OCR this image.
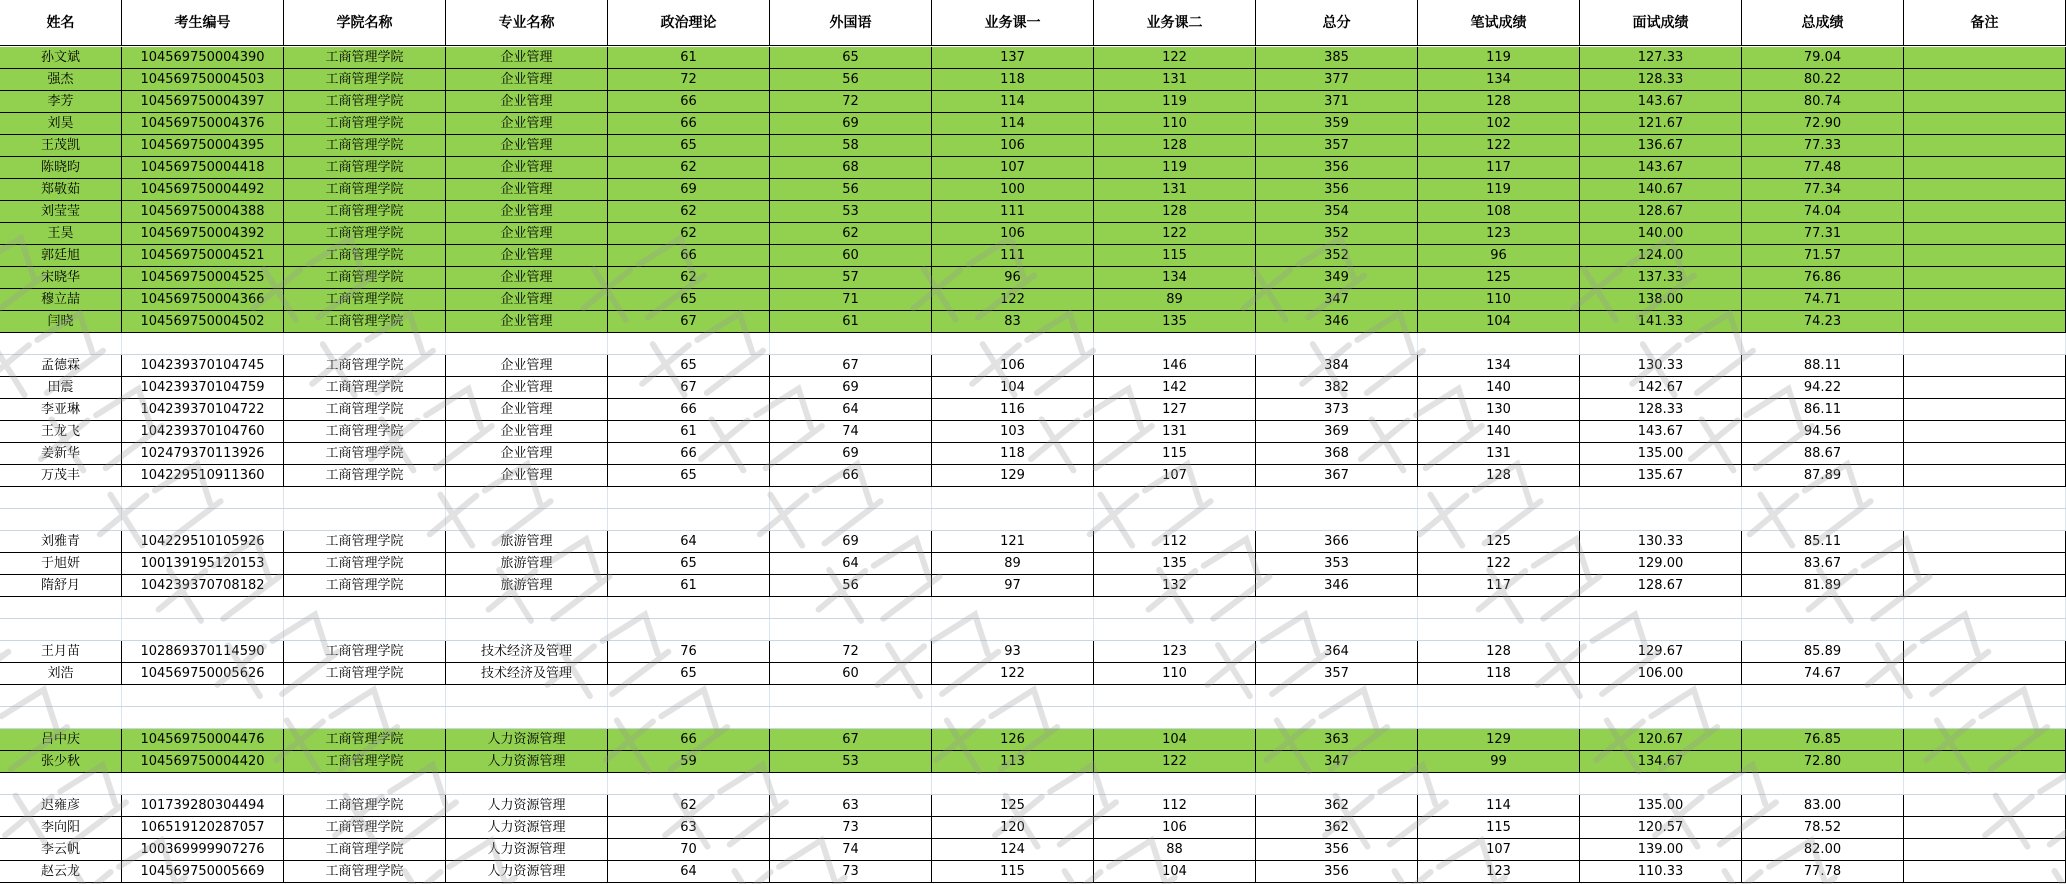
姓名	考生编号	学院名称	专业名称	政治理论	外国语	业务课一	业务课二	总分	笔试成绩	面试成绩	总成绩	备注
孙文斌	104569750004390	工商管理学院	企业管理	61	65	137	122	385	119	127.33	79.04
强杰	104569750004503	工商管理学院	企业管理	72	56	118	131	377	134	128.33	80.22
李芳	104569750004397	工商管理学院	企业管理	66	72	114	119	371	128	143.67	80.74
刘昊	104569750004376	工商管理学院	企业管理	66	69	114	110	359	102	121.67	72.90
王茂凯	104569750004395	工商管理学院	企业管理	65	58	106	128	357	122	136.67	77.33
陈晓昀	104569750004418	工商管理学院	企业管理	62	68	107	119	356	117	143.67	77.48
郑敬茹	104569750004492	工商管理学院	企业管理	69	56	100	131	356	119	140.67	77.34
刘莹莹	104569750004388	工商管理学院	企业管理	62	53	111	128	354	108	128.67	74.04
王昊	104569750004392	工商管理学院	企业管理	62	62	106	122	352	123	140.00	77.31
郭廷旭	104569750004521	工商管理学院	企业管理	66	60	111	115	352	96	124.00	71.57
宋晓华	104569750004525	工商管理学院	企业管理	62	57	96	134	349	125	137.33	76.86
穆立喆	104569750004366	工商管理学院	企业管理	65	71	122	89	347	110	138.00	74.71
闫晓	104569750004502	工商管理学院	企业管理	67	61	83	135	346	104	141.33	74.23
孟德霖	104239370104745	工商管理学院	企业管理	65	67	106	146	384	134	130.33	88.11
田震	104239370104759	工商管理学院	企业管理	67	69	104	142	382	140	142.67	94.22
李亚琳	104239370104722	工商管理学院	企业管理	66	64	116	127	373	130	128.33	86.11
王龙飞	104239370104760	工商管理学院	企业管理	61	74	103	131	369	140	143.67	94.56
姜新华	102479370113926	工商管理学院	企业管理	66	69	118	115	368	131	135.00	88.67
万茂丰	104229510911360	工商管理学院	企业管理	65	66	129	107	367	128	135.67	87.89
刘雅青	104229510105926	工商管理学院	旅游管理	64	69	121	112	366	125	130.33	85.11
于旭妍	100139195120153	工商管理学院	旅游管理	65	64	89	135	353	122	129.00	83.67
隋舒月	104239370708182	工商管理学院	旅游管理	61	56	97	132	346	117	128.67	81.89
王月苗	102869370114590	工商管理学院	技术经济及管理	76	72	93	123	364	128	129.67	85.89
刘浩	104569750005626	工商管理学院	技术经济及管理	65	60	122	110	357	118	106.00	74.67
吕中庆	104569750004476	工商管理学院	人力资源管理	66	67	126	104	363	129	120.67	76.85
张少秋	104569750004420	工商管理学院	人力资源管理	59	53	113	122	347	99	134.67	72.80
迟雍彦	101739280304494	工商管理学院	人力资源管理	62	63	125	112	362	114	135.00	83.00
李向阳	106519120287057	工商管理学院	人力资源管理	63	73	120	106	362	115	120.57	78.52
李云帆	100369999907276	工商管理学院	人力资源管理	70	74	124	88	356	107	139.00	82.00
赵云龙	104569750005669	工商管理学院	人力资源管理	64	73	115	104	356	123	110.33	77.78
